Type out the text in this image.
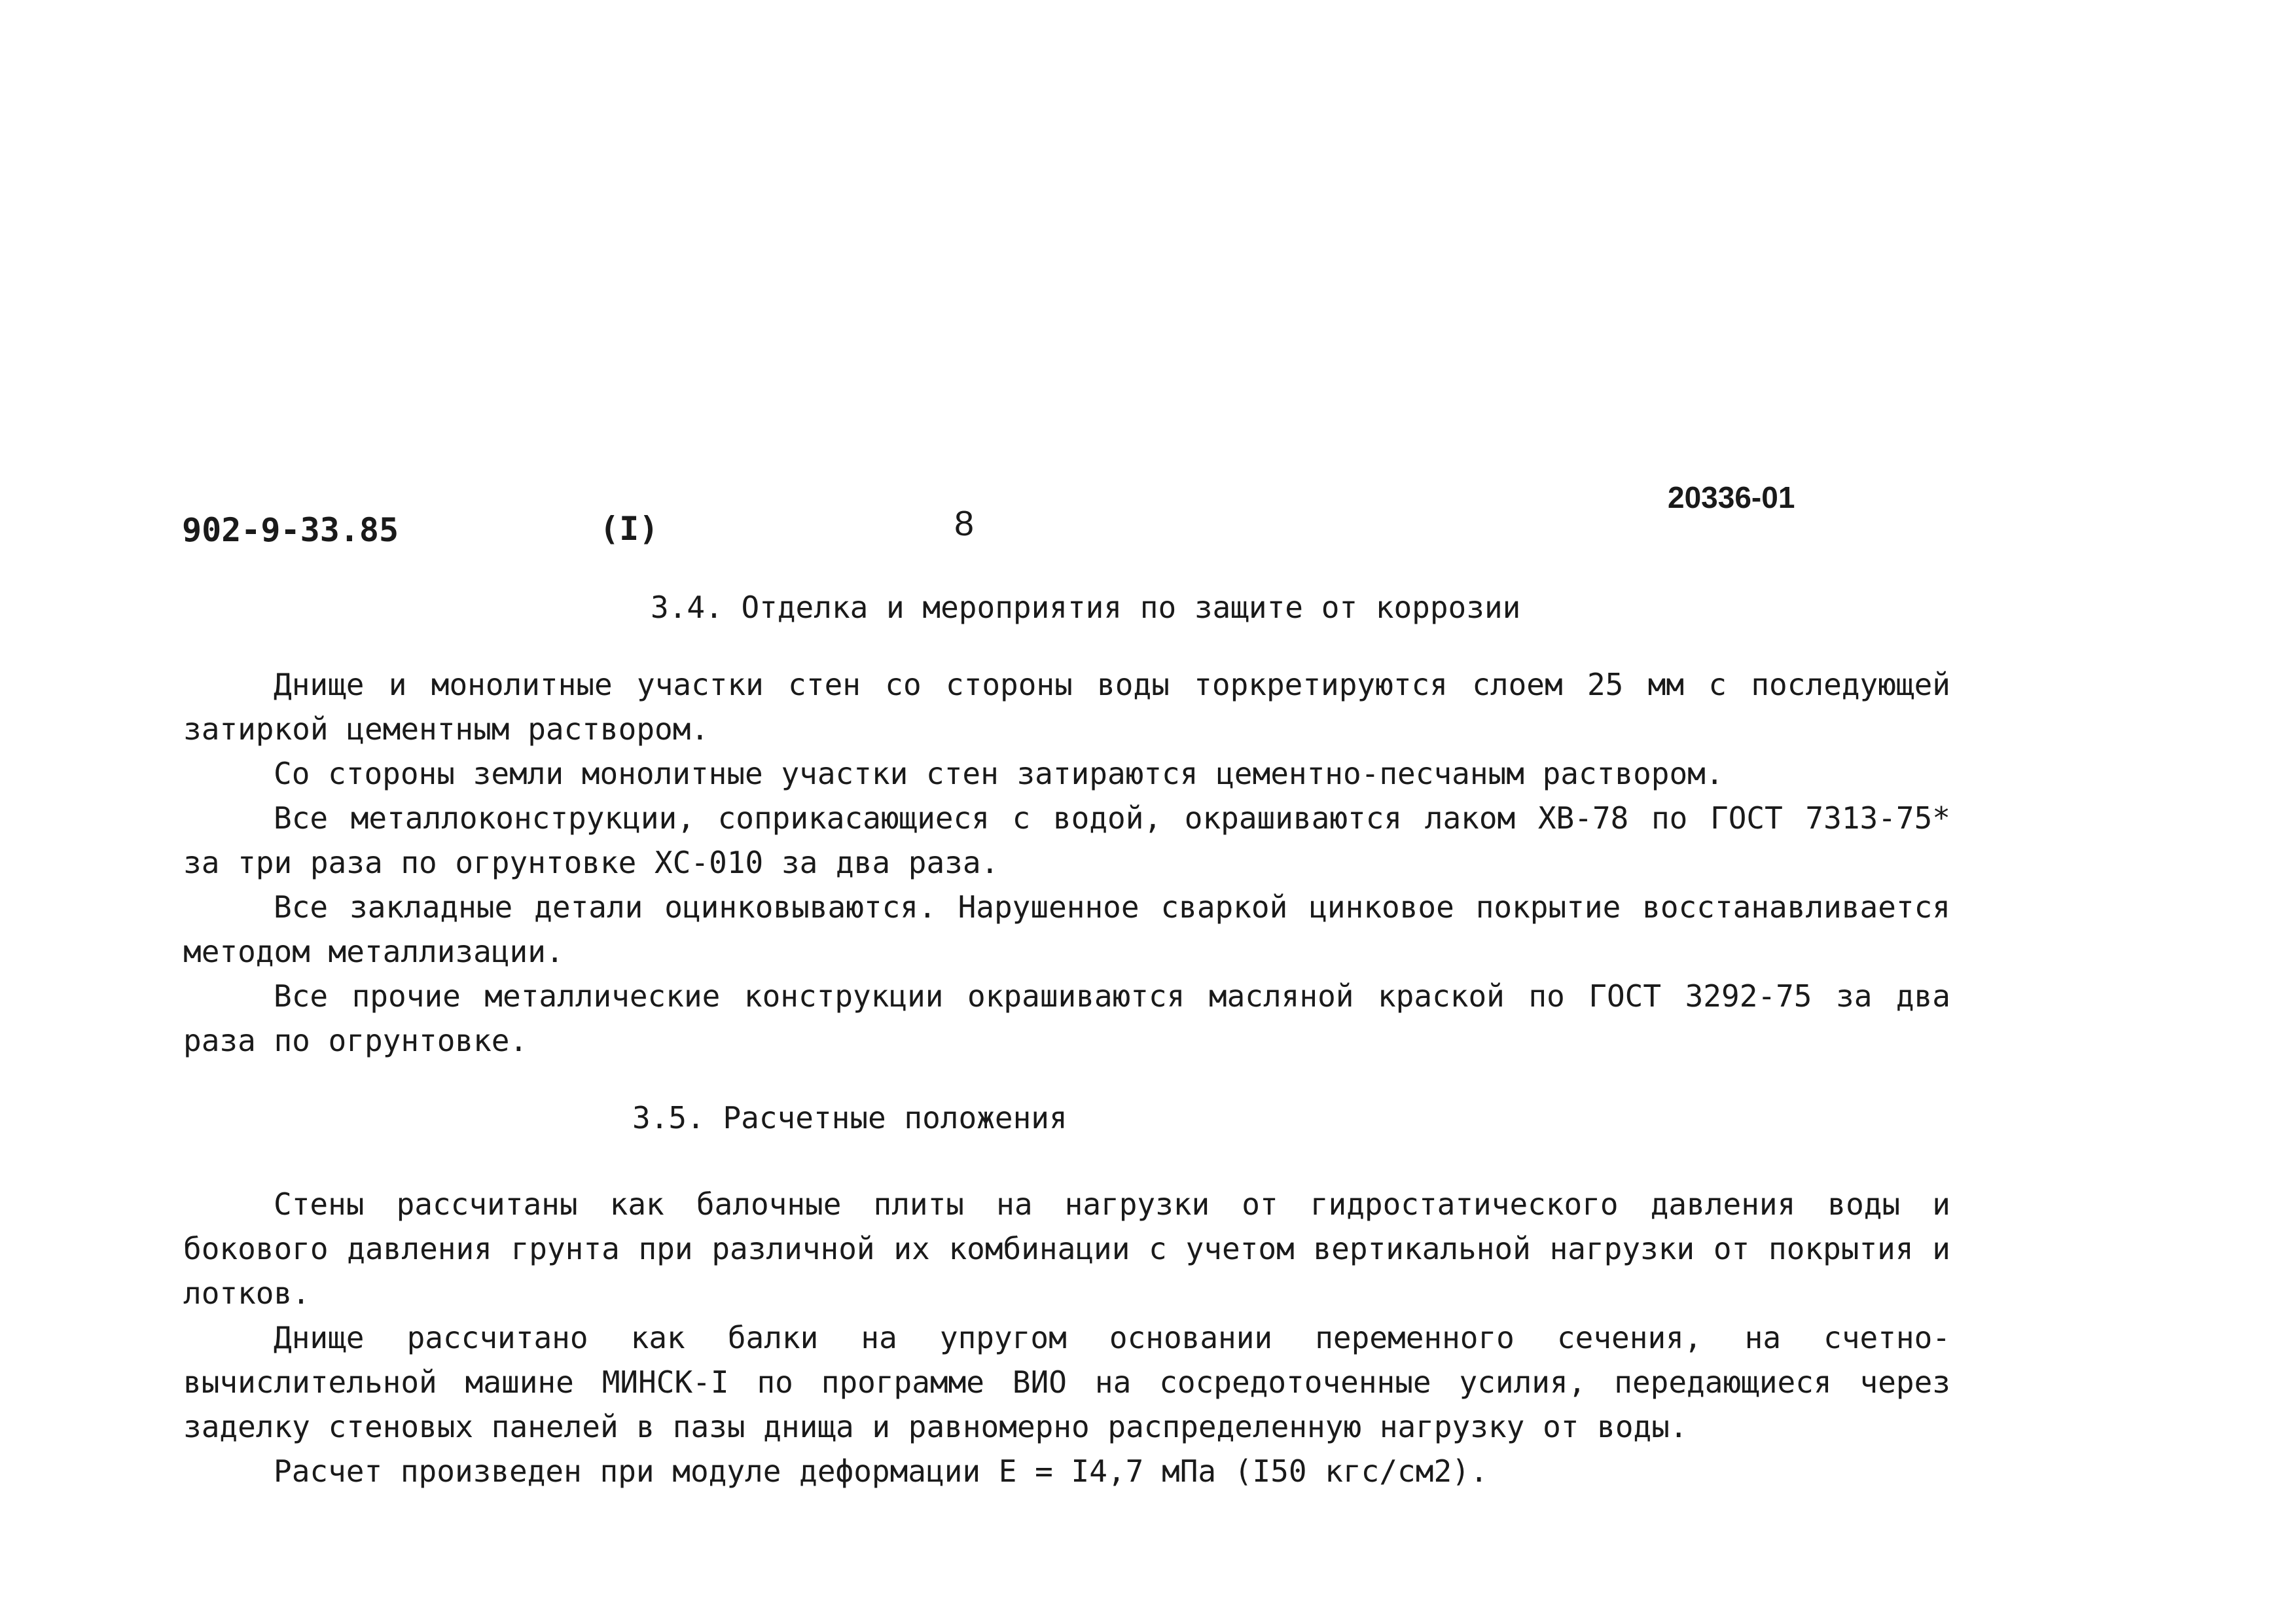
902-9-33.85	(I)	8
20336-01
3.4. Отделка и мероприятия по защите от коррозии

Днище и монолитные участки стен со стороны воды торкретируются слоем 25 мм с последующей затиркой цементным раствором.

Со стороны земли монолитные участки стен затираются цементно-песчаным раствором.

Все металлоконструкции, соприкасающиеся с водой, окрашиваются лаком ХВ-78 по ГОСТ 7313-75* за три раза по огрунтовке ХС-010 за два раза.

Все закладные детали оцинковываются. Нарушенное сваркой цинковое покрытие восстанавливается методом металлизации.

Все прочие металлические конструкции окрашиваются масляной краской по ГОСТ 3292-75 за два раза по огрунтовке.

3.5. Расчетные положения

Стены рассчитаны как балочные плиты на нагрузки от гидростатического давления воды и бокового давления грунта при различной их комбинации с учетом вертикальной нагрузки от покрытия и лотков.

Днище рассчитано как балки на упругом основании переменного сечения, на счетно-вычислительной машине МИНСК-I по программе ВИО на сосредоточенные усилия, передающиеся через заделку стеновых панелей в пазы днища и равномерно распределенную нагрузку от воды.

Расчет произведен при модуле деформации Е = I4,7 мПа (I50 кгс/см2).
